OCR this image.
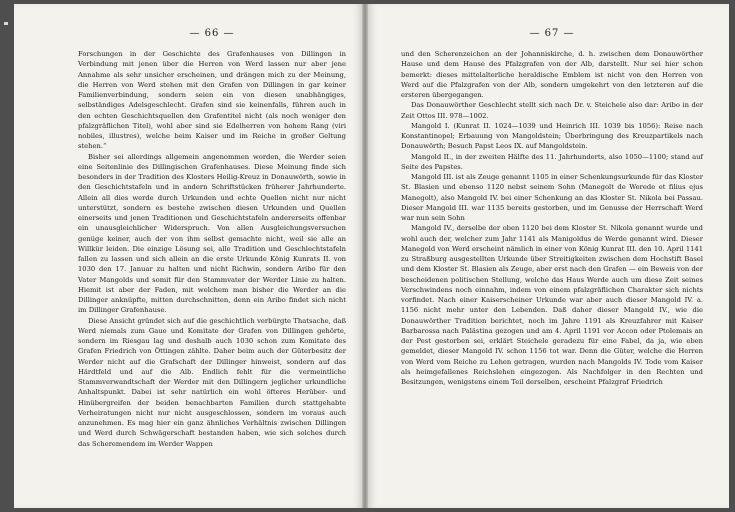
— 66 —

Forschungen in der Geschichte des Grafenhauses von Dillingen in Verbindung mit jenen über die Herren von Werd lassen nur aber jene Annahme als sehr unsicher erscheinen, und drängen mich zu der Meinung, die Herren von Werd stehen mit den Grafen von Dillingen in gar keiner Familienverbindung, sondern seien ein von diesen unabhängiges, selbständiges Adelsgeschlecht. Grafen sind sie keinenfalls, führen auch in den echten Geschichtsquellen den Grafentitel nicht (als noch weniger den pfalzgräflichen Titel), wohl aber sind sie Edelherren von hohem Rang (viri nobiles, illustres), welche beim Kaiser und im Reiche in großer Geltung stehen.“

Bisher sei allerdings allgemein angenommen worden, die Werder seien eine Seitenlinie des Dillingischen Grafenhauses. Diese Meinung finde sich besonders in der Tradition des Klosters Heilig-Kreuz in Donauwörth, sowie in den Geschichtstafeln und in andern Schriftstücken früherer Jahrhunderte. Allein all dies werde durch Urkunden und echte Quellen nicht nur nicht unterstützt, sondern es bestehe zwischen diesen Urkunden und Quellen einerseits und jenen Traditionen und Geschichtstafeln andererseits offenbar ein unausgleichlicher Widerspruch. Von allen Ausgleichungsversuchen genüge keiner, auch der von ihm selbst gemachte nicht, weil sie alle an Willkür leiden. Die einzige Lösung sei, alle Tradition und Geschlechtstafeln fallen zu lassen und sich allein an die erste Urkunde König Kunrats II. von 1030 den 17. Januar zu halten und nicht Richwin, sondern Aribo für den Vater Mangolds und somit für den Stammvater der Werder Linie zu halten. Hiemit ist aber der Faden, mit welchem man bisher die Werder an die Dillinger anknüpfte, mitten durchschnitten, denn ein Aribo findet sich nicht im Dillinger Grafenhause.

Diese Ansicht gründet sich auf die geschichtlich verbürgte Thatsache, daß Werd niemals zum Gaue und Komitate der Grafen von Dillingen gehörte, sondern im Riesgau lag und deshalb auch 1030 schon zum Komitate des Grafen Friedrich von Öttingen zählte. Daher beim auch der Güterbesitz der Werder nicht auf die Grafschaft der Dillinger hinweist, sondern auf das Härdtfeld und auf die Alb. Endlich fehlt für die vermeintliche Stammverwandtschaft der Werder mit den Dillingern jeglicher urkundliche Anhaltspunkt. Dabei ist sehr natürlich ein wohl öfteres Herüber- und Hinübergreifen der beiden benachbarten Familien durch stattgehabte Verheiratungen nicht nur nicht ausgeschlossen, sondern im voraus auch anzunehmen. Es mag hier ein ganz ähnliches Verhältnis zwischen Dillingen und Werd durch Schwägerschaft bestanden haben, wie sich solches durch das Scheremendem im Werder Wappen

— 67 —

und den Scherenzeichen an der Johanniskirche, d. h. zwischen dem Donauwörther Hause und dem Hause des Pfalzgrafen von der Alb, darstellt. Nur sei hier schon bemerkt: dieses mittelalterliche heraldische Emblem ist nicht von den Herren von Werd auf die Pfalzgrafen von der Alb, sondern umgekehrt von den letzteren auf die ersteren übergegangen.

Das Donauwörther Geschlecht stellt sich nach Dr. v. Steichele also dar: Aribo in der Zeit Ottos III. 978—1002.

Mangold I. (Kunrat II. 1024—1039 und Heinrich III. 1039 bis 1056): Reise nach Konstantinopel; Erbauung von Mangoldstein; Überbringung des Kreuzpartikels nach Donauwörth; Besuch Papst Leos IX. auf Mangoldstein.

Mangold II., in der zweiten Hälfte des 11. Jahrhunderts, also 1050—1100; stand auf Seite des Papstes.

Mangold III. ist als Zeuge genannt 1105 in einer Schenkungsurkunde für das Kloster St. Blasien und ebenso 1120 nebst seinem Sohn (Manegolt de Werede et filius ejus Manegolt), also Mangold IV. bei einer Schenkung an das Kloster St. Nikola bei Passau. Dieser Mangold III. war 1135 bereits gestorben, und im Genusse der Herrschaft Werd war nun sein Sohn

Mangold IV., derselbe der oben 1120 bei dem Kloster St. Nikola genannt wurde und wohl auch der, welcher zum Jahr 1141 als Manigoldus de Werde genannt wird. Dieser Manegold von Werd erscheint nämlich in einer von König Kunrat III. den 10. April 1141 zu Straßburg ausgestellten Urkunde über Streitigkeiten zwischen dem Hochstift Basel und dem Kloster St. Blasien als Zeuge, aber erst nach den Grafen — ein Beweis von der bescheidenen politischen Stellung, welche das Haus Werde auch um diese Zeit seines Verschwindens noch einnahm, indem von einem pfalzgräflichen Charakter sich nichts vorfindet. Nach einer Kaiserscheiner Urkunde war aber auch dieser Mangold IV. a. 1156 nicht mehr unter den Lebenden. Daß daher dieser Mangold IV., wie die Donauwörther Tradition berichtet, noch im Jahre 1191 als Kreuzfahrer mit Kaiser Barbarossa nach Palästina gezogen und am 4. April 1191 vor Accon oder Ptolemais an der Pest gestorben sei, erklärt Steichele geradezu für eine Fabel, da ja, wie eben gemeldet, dieser Mangold IV. schon 1156 tot war. Denn die Güter, welche die Herren von Werd vom Reiche zu Lehen getragen, wurden nach Mangolds IV. Tode vom Kaiser als heimgefallenes Reichslehen eingezogen. Als Nachfolger in den Rechten und Besitzungen, wenigstens einem Teil derselben, erscheint Pfalzgraf Friedrich
